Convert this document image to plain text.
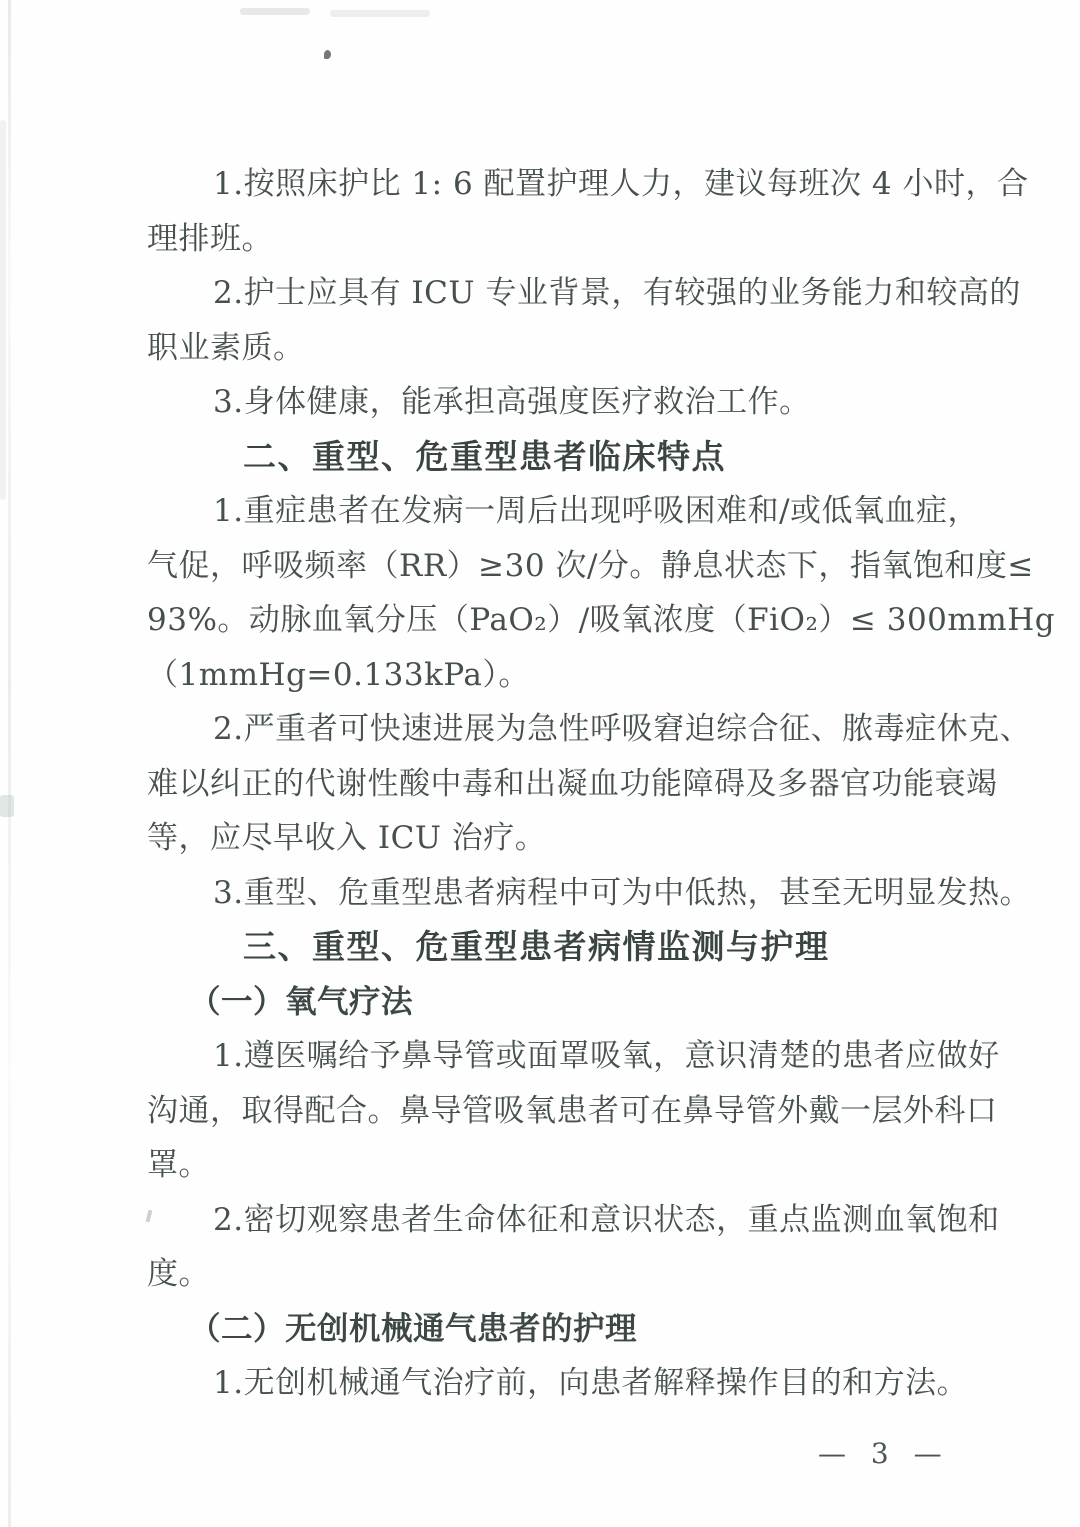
1.按照床护比 1: 6 配置护理人力，建议每班次 4 小时，合
理排班。
2.护士应具有 ICU 专业背景，有较强的业务能力和较高的
职业素质。
3.身体健康，能承担高强度医疗救治工作。
二、重型、危重型患者临床特点
1.重症患者在发病一周后出现呼吸困难和/或低氧血症，
气促，呼吸频率（RR）≥30 次/分。静息状态下，指氧饱和度≤
93%。动脉血氧分压（PaO₂）/吸氧浓度（FiO₂）≤ 300mmHg
（1mmHg=0.133kPa）。
2.严重者可快速进展为急性呼吸窘迫综合征、脓毒症休克、
难以纠正的代谢性酸中毒和出凝血功能障碍及多器官功能衰竭
等，应尽早收入 ICU 治疗。
3.重型、危重型患者病程中可为中低热，甚至无明显发热。
三、重型、危重型患者病情监测与护理
（一）氧气疗法
1.遵医嘱给予鼻导管或面罩吸氧，意识清楚的患者应做好
沟通，取得配合。鼻导管吸氧患者可在鼻导管外戴一层外科口
罩。
2.密切观察患者生命体征和意识状态，重点监测血氧饱和
度。
（二）无创机械通气患者的护理
1.无创机械通气治疗前，向患者解释操作目的和方法。
— 3 —
